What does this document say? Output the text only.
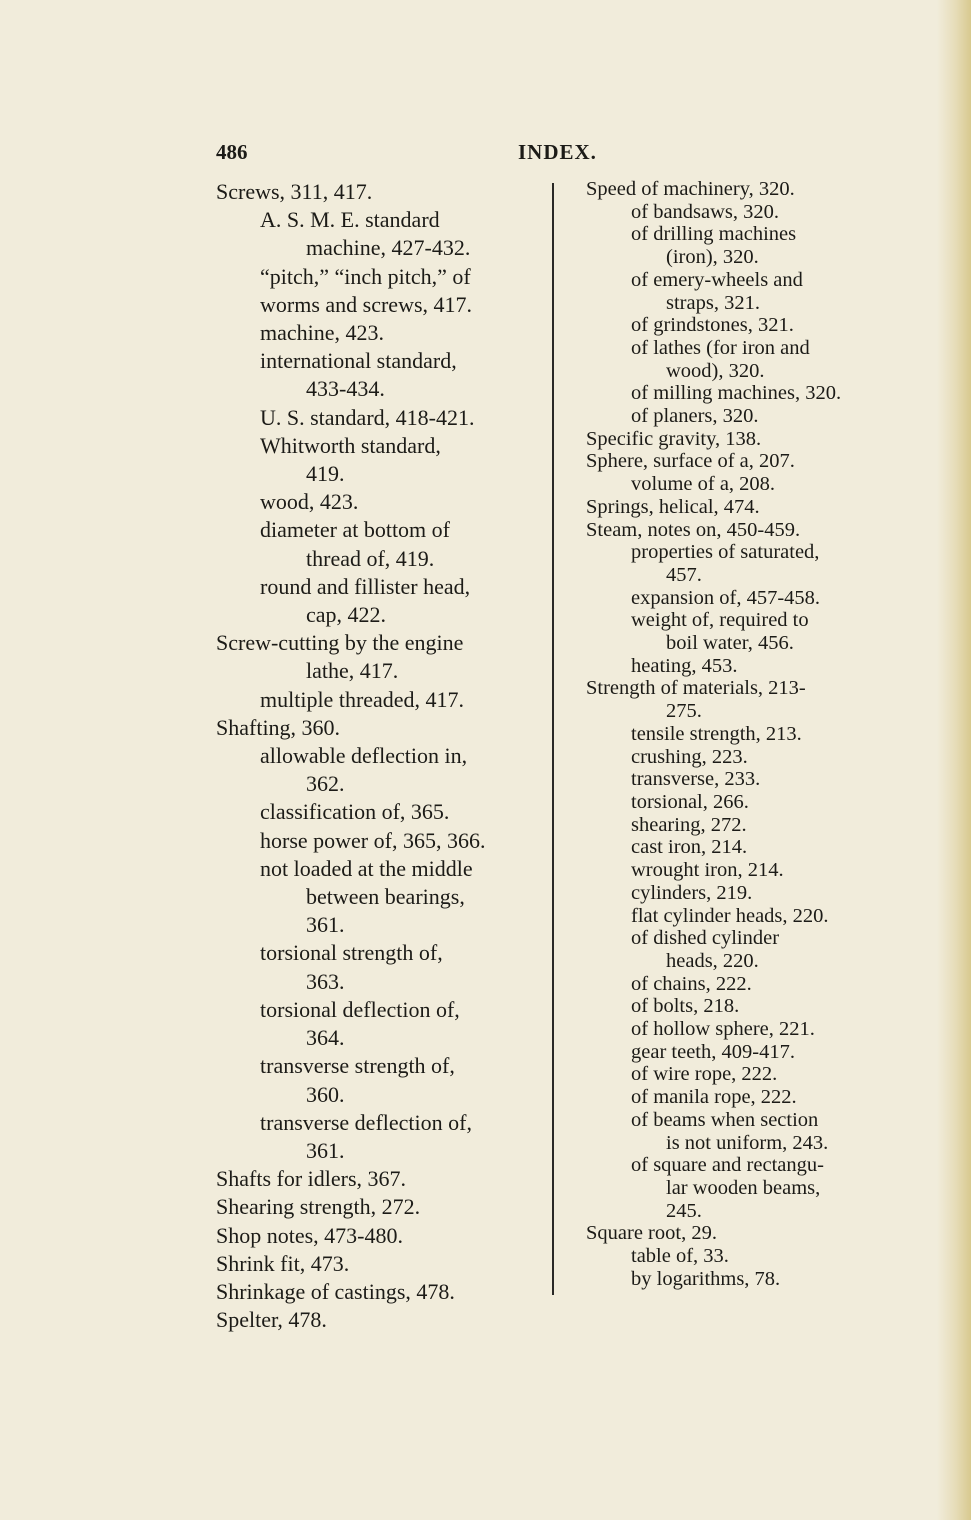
486	INDEX.
Screws, 311, 417.
A. S. M. E. standard
machine, 427-432.
“pitch,” “inch pitch,” of
worms and screws, 417.
machine, 423.
international standard,
433-434.
U. S. standard, 418-421.
Whitworth standard,
419.
wood, 423.
diameter at bottom of
thread of, 419.
round and fillister head,
cap, 422.
Screw-cutting by the engine
lathe, 417.
multiple threaded, 417.
Shafting, 360.
allowable deflection in,
362.
classification of, 365.
horse power of, 365, 366.
not loaded at the middle
between bearings,
361.
torsional strength of,
363.
torsional deflection of,
364.
transverse strength of,
360.
transverse deflection of,
361.
Shafts for idlers, 367.
Shearing strength, 272.
Shop notes, 473-480.
Shrink fit, 473.
Shrinkage of castings, 478.
Spelter, 478.
Speed of machinery, 320.
of bandsaws, 320.
of drilling machines
(iron), 320.
of emery-wheels and
straps, 321.
of grindstones, 321.
of lathes (for iron and
wood), 320.
of milling machines, 320.
of planers, 320.
Specific gravity, 138.
Sphere, surface of a, 207.
volume of a, 208.
Springs, helical, 474.
Steam, notes on, 450-459.
properties of saturated,
457.
expansion of, 457-458.
weight of, required to
boil water, 456.
heating, 453.
Strength of materials, 213-
275.
tensile strength, 213.
crushing, 223.
transverse, 233.
torsional, 266.
shearing, 272.
cast iron, 214.
wrought iron, 214.
cylinders, 219.
flat cylinder heads, 220.
of dished cylinder
heads, 220.
of chains, 222.
of bolts, 218.
of hollow sphere, 221.
gear teeth, 409-417.
of wire rope, 222.
of manila rope, 222.
of beams when section
is not uniform, 243.
of square and rectangu-
lar wooden beams,
245.
Square root, 29.
table of, 33.
by logarithms, 78.
